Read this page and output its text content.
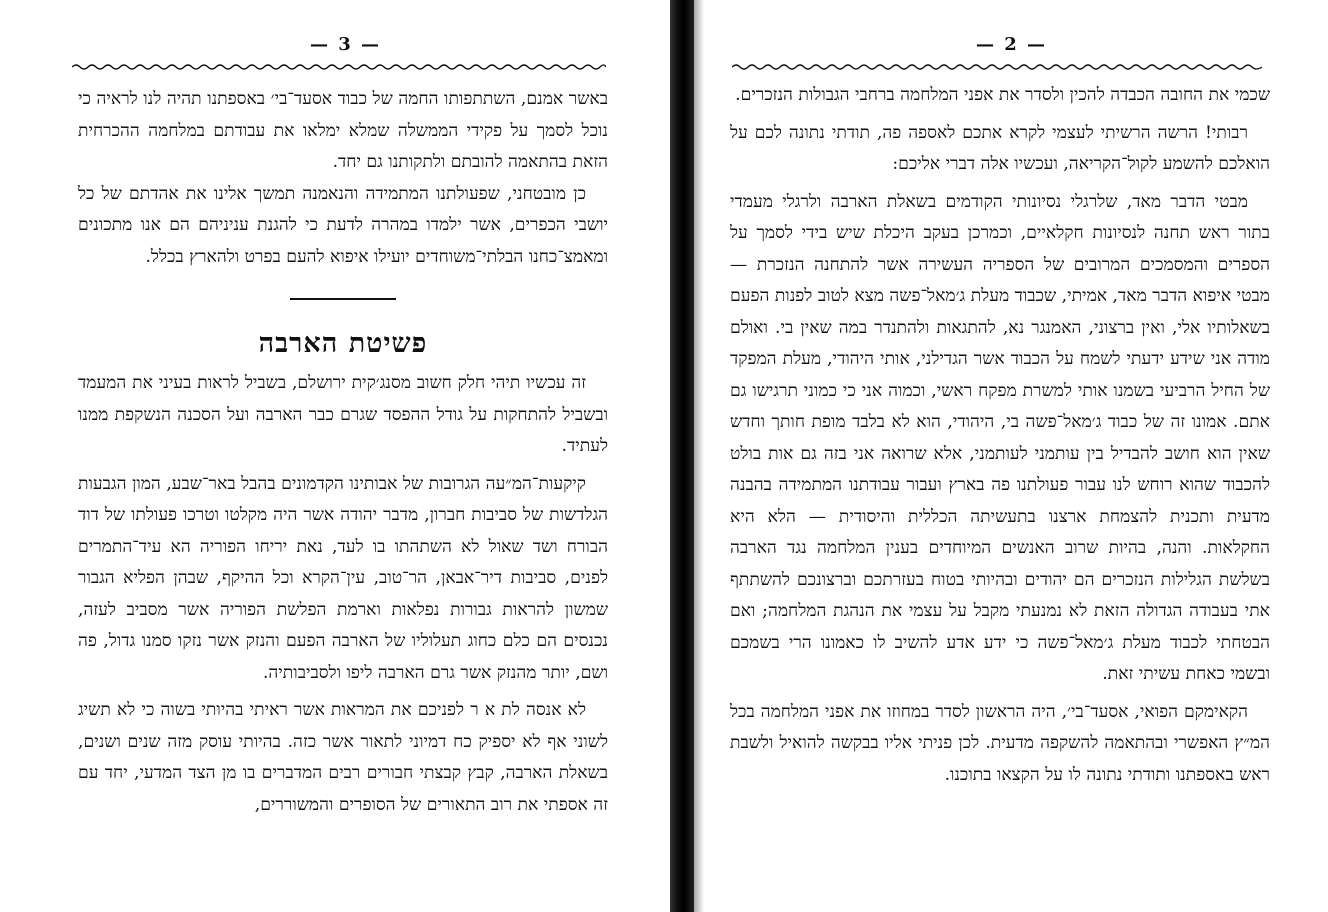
— 3 —

באשר אמנם, השתתפותו החמה של כבוד אסעד־בי׳ באספתנו תהיה לנו לראיה כי נוכל לסמך על פקידי הממשלה שמלא ימלאו את עבודתם במלחמה ההכרחית הזאת בהתאמה להובתם ולתקותנו גם יחד.

כן מובטחני, שפעולתנו המתמידה והנאמנה תמשך אלינו את אהדתם של כל יושבי הכפרים, אשר ילמדו במהרה לדעת כי להגנת עניניהם הם אנו מתכונים ומאמצ־כחנו הבלתי־משוחדים יועילו איפוא להעם בפרט ולהארץ בכלל.

פשיטת הארבה

זה עכשיו תיהי חלק חשוב מסנג׳קית ירושלם, בשביל לראות בעיני את המעמד ובשביל להתחקות על גודל ההפסד שגרם כבר הארבה ועל הסכנה הנשקפת ממנו לעתיד.

קיקעות־המ״עה הגרובות של אבותינו הקדמונים בהבל באר־שבע, המון הגבעות הגלדשות של סביבות חברון, מדבר יהודה אשר היה מקלטו וטרכו פעולתו של דוד הבורח ושד שאול לא השתהתו בו לעד, נאת יריחו הפוריה הא עיד־התמרים לפנים, סביבות דיר־אבאן, הר־טוב, עין־הקרא וכל ההיקף, שבהן הפליא הגבור שמשון להראות גבורות נפלאות וארמת הפלשת הפוריה אשר מסביב לעזה, נכנסים הם כלם כחוג תעלוליו של הארבה הפעם והנזק אשר נזקו סמנו גדול, פה ושם, יותר מהנזק אשר גרם הארבה ליפו ולסביבותיה.

לא אנסה לת א ר לפניכם את המראות אשר ראיתי בהיותי בשוה כי לא תשיג לשוני אף לא יספיק כח דמיוני לתאור אשר כזה. בהיותי עוסק מזה שנים ושנים, בשאלת הארבה, קבץ קבצתי חבורים רבים המדברים בו מן הצד המדעי, יחד עם זה אספתי את רוב התאורים של הסופרים והמשוררים,

— 2 —

שכמי את החובה הכבדה להכין ולסדר את אפני המלחמה ברחבי הגבולות הנזכרים.

רבותי! הרשה הרשיתי לעצמי לקרא אתכם לאספה פה, תודתי נתונה לכם על הואלכם להשמע לקול־הקריאה, ועכשיו אלה דברי אליכם:

מבטי הדבר מאד, שלרגלי נסיונותי הקודמים בשאלת הארבה ולרגלי מעמדי בתור ראש תחנה לנסיונות חקלאיים, וכמרכן בעקב היכלת שיש בידי לסמך על הספרים והמסמכים המרובים של הספריה העשירה אשר להתחנה הנזכרת — מבטי איפוא הדבר מאד, אמיתי, שכבוד מעלת ג׳מאל־פשה מצא לטוב לפנות הפעם בשאלותיו אלי, ואין ברצוני, האמנגר נא, להתגאות ולהתנדר במה שאין בי. ואולם מודה אני שידע ידעתי לשמח על הכבוד אשר הגדילני, אותי היהודי, מעלת המפקד של החיל הרביעי בשמנו אותי למשרת מפקח ראשי, וכמוה אני כי כמוני תרגישו גם אתם. אמונו זה של כבוד ג׳מאל־פשה בי, היהודי, הוא לא בלבד מופת חותך וחדש שאין הוא חושב להבדיל בין עותמני לעותמני, אלא שרואה אני בזה גם אות בולט להכבוד שהוא רוחש לנו עבור פעולתנו פה בארץ ועבור עבודתנו המתמידה בהבנה מדעית ותכנית להצמחת ארצנו בתעשיתה הכללית והיסודית — הלא היא החקלאות. והנה, בהיות שרוב האנשים המיוחדים בענין המלחמה נגד הארבה בשלשת הגלילות הנזכרים הם יהודים ובהיותי בטוח בעזרתכם וברצונכם להשתתף אתי בעבודה הגדולה הזאת לא נמנעתי מקבל על עצמי את הנהגת המלחמה; ואם הבטחתי לכבוד מעלת ג׳מאל־פשה כי ידע אדע להשיב לו כאמונו הרי בשמכם ובשמי כאחת עשיתי זאת.

הקאימקם הפואי, אסעד־בי׳, היה הראשון לסדר במחוזו את אפני המלחמה בכל המ״ץ האפשרי ובהתאמה להשקפה מדעית. לכן פניתי אליו בבקשה להואיל ולשבת ראש באספתנו ותודתי נתונה לו על הקצאו בתוכנו.
